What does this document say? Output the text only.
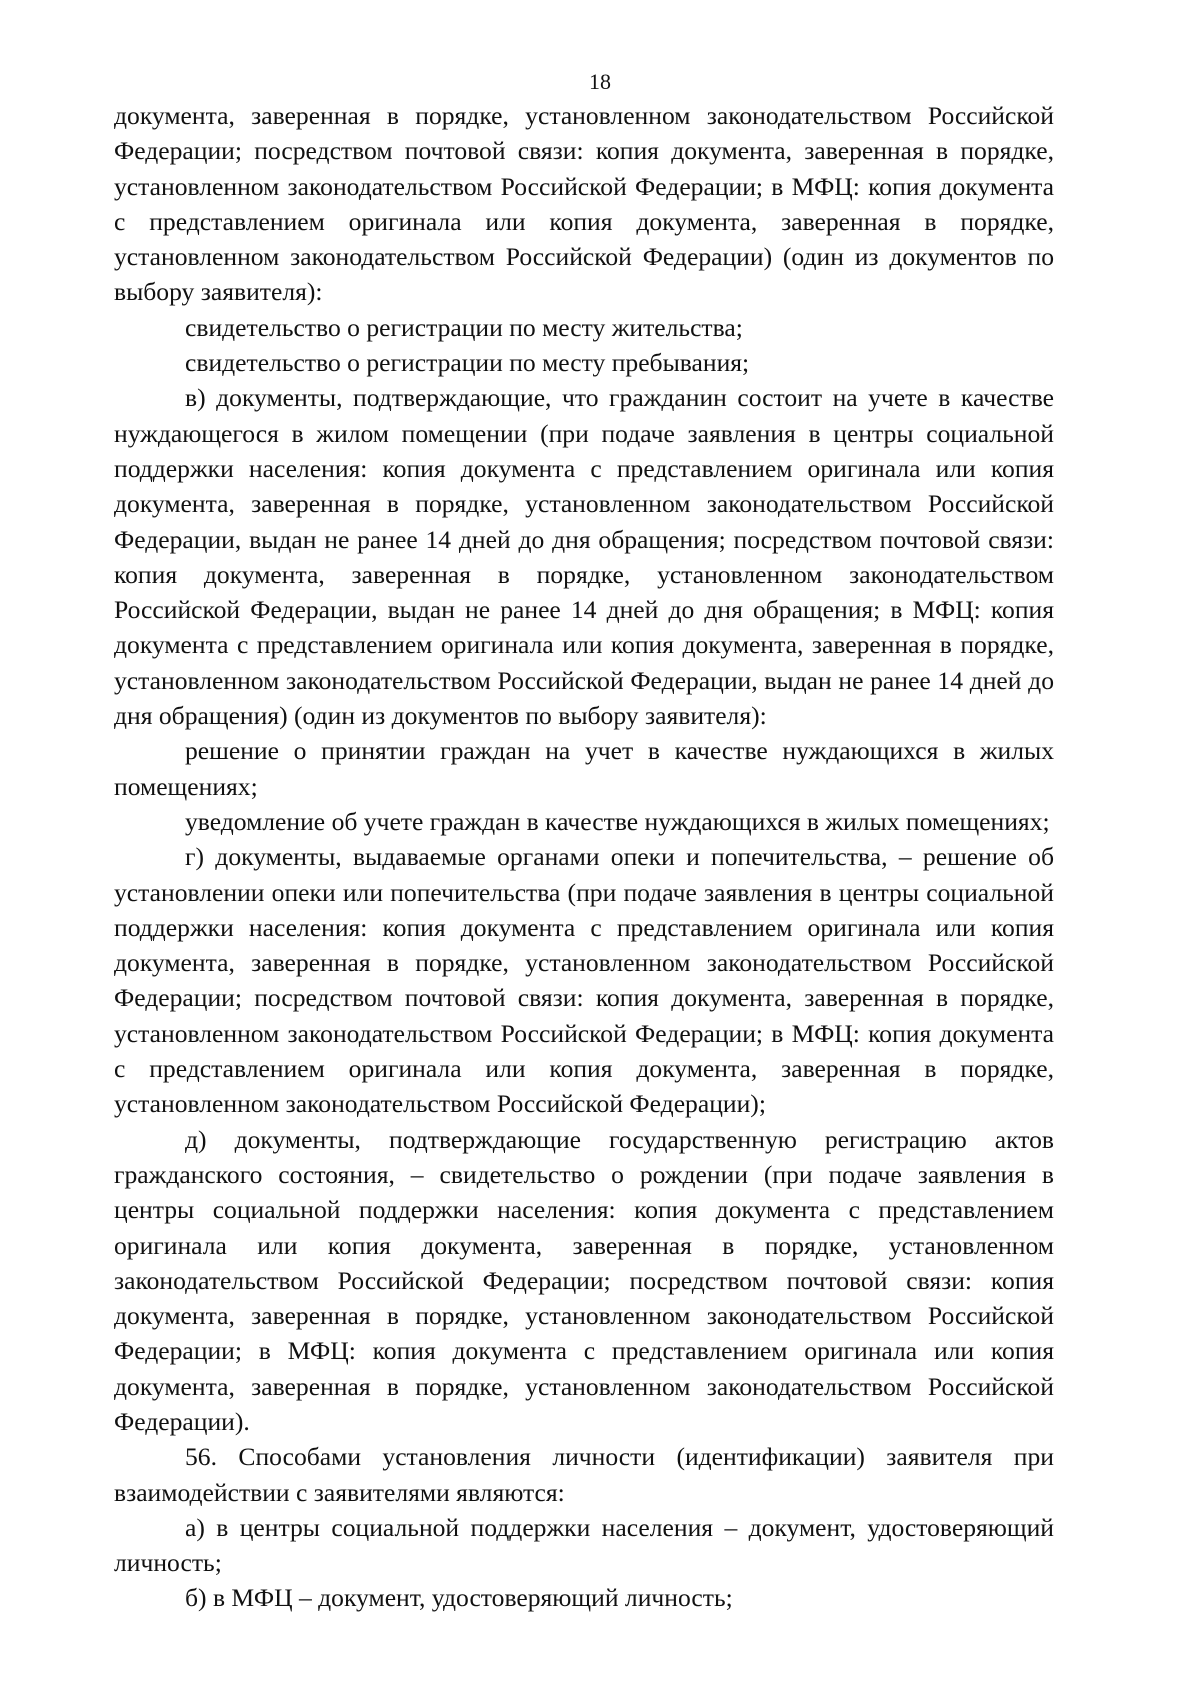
18

документа, заверенная в порядке, установленном законодательством Российской Федерации; посредством почтовой связи: копия документа, заверенная в порядке, установленном законодательством Российской Федерации; в МФЦ: копия документа с представлением оригинала или копия документа, заверенная в порядке, установленном законодательством Российской Федерации) (один из документов по выбору заявителя):

свидетельство о регистрации по месту жительства;

свидетельство о регистрации по месту пребывания;

в) документы, подтверждающие, что гражданин состоит на учете в качестве нуждающегося в жилом помещении (при подаче заявления в центры социальной поддержки населения: копия документа с представлением оригинала или копия документа, заверенная в порядке, установленном законодательством Российской Федерации, выдан не ранее 14 дней до дня обращения; посредством почтовой связи: копия документа, заверенная в порядке, установленном законодательством Российской Федерации, выдан не ранее 14 дней до дня обращения; в МФЦ: копия документа с представлением оригинала или копия документа, заверенная в порядке, установленном законодательством Российской Федерации, выдан не ранее 14 дней до дня обращения) (один из документов по выбору заявителя):

решение о принятии граждан на учет в качестве нуждающихся в жилых помещениях;

уведомление об учете граждан в качестве нуждающихся в жилых помещениях;

г) документы, выдаваемые органами опеки и попечительства, – решение об установлении опеки или попечительства (при подаче заявления в центры социальной поддержки населения: копия документа с представлением оригинала или копия документа, заверенная в порядке, установленном законодательством Российской Федерации; посредством почтовой связи: копия документа, заверенная в порядке, установленном законодательством Российской Федерации; в МФЦ: копия документа с представлением оригинала или копия документа, заверенная в порядке, установленном законодательством Российской Федерации);

д) документы, подтверждающие государственную регистрацию актов гражданского состояния, – свидетельство о рождении (при подаче заявления в центры социальной поддержки населения: копия документа с представлением оригинала или копия документа, заверенная в порядке, установленном законодательством Российской Федерации; посредством почтовой связи: копия документа, заверенная в порядке, установленном законодательством Российской Федерации; в МФЦ: копия документа с представлением оригинала или копия документа, заверенная в порядке, установленном законодательством Российской Федерации).

56. Способами установления личности (идентификации) заявителя при взаимодействии с заявителями являются:

а) в центры социальной поддержки населения – документ, удостоверяющий личность;

б) в МФЦ – документ, удостоверяющий личность;
